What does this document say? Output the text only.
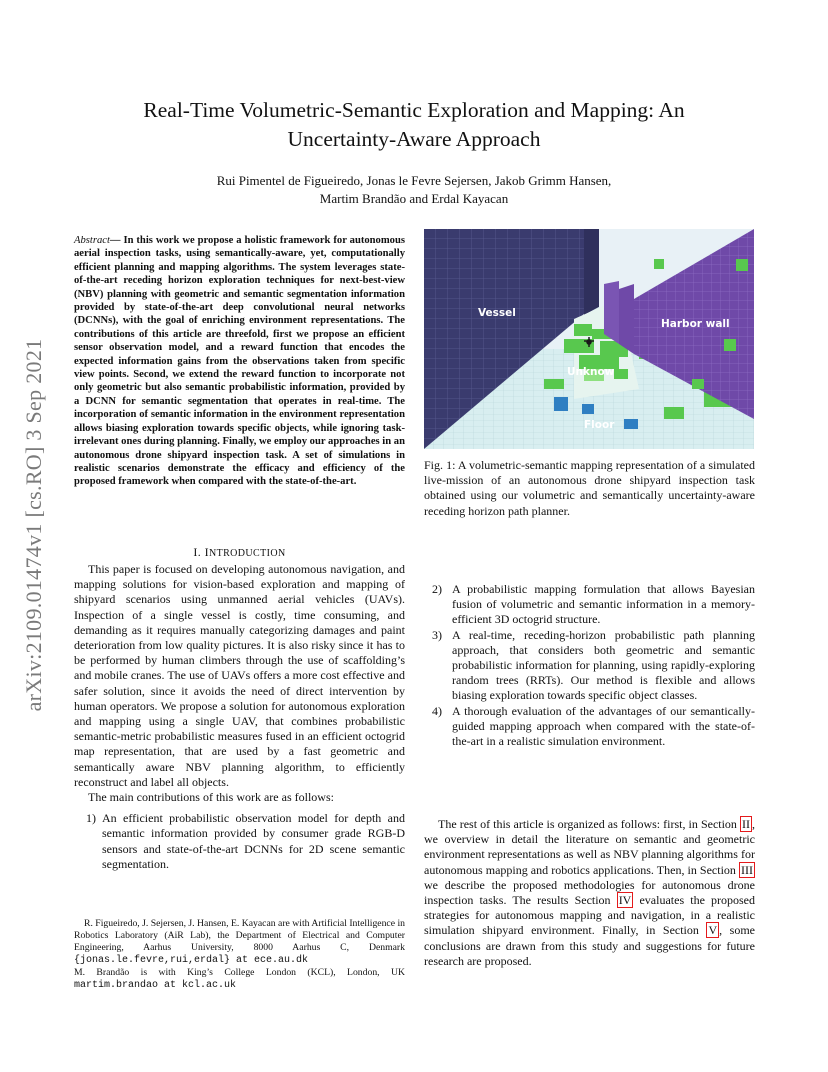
arXiv:2109.01474v1 [cs.RO] 3 Sep 2021
Real-Time Volumetric-Semantic Exploration and Mapping: An
Uncertainty-Aware Approach
Rui Pimentel de Figueiredo, Jonas le Fevre Sejersen, Jakob Grimm Hansen,
Martim Brandão and Erdal Kayacan
Abstract— In this work we propose a holistic framework for autonomous aerial inspection tasks, using semantically-aware, yet, computationally efficient planning and mapping algorithms. The system leverages state-of-the-art receding horizon exploration techniques for next-best-view (NBV) planning with geometric and semantic segmentation information provided by state-of-the-art deep convolutional neural networks (DCNNs), with the goal of enriching environment representations. The contributions of this article are threefold, first we propose an efficient sensor observation model, and a reward function that encodes the expected information gains from the observations taken from specific view points. Second, we extend the reward function to incorporate not only geometric but also semantic probabilistic information, provided by a DCNN for semantic segmentation that operates in real-time. The incorporation of semantic information in the environment representation allows biasing exploration towards specific objects, while ignoring task-irrelevant ones during planning. Finally, we employ our approaches in an autonomous drone shipyard inspection task. A set of simulations in realistic scenarios demonstrate the efficacy and efficiency of the proposed framework when compared with the state-of-the-art.
I. INTRODUCTION

This paper is focused on developing autonomous navigation, and mapping solutions for vision-based exploration and mapping of shipyard scenarios using unmanned aerial vehicles (UAVs). Inspection of a single vessel is costly, time consuming, and demanding as it requires manually categorizing damages and paint deterioration from low quality pictures. It is also risky since it has to be performed by human climbers through the use of scaffolding’s and mobile cranes. The use of UAVs offers a more cost effective and safer solution, since it avoids the need of direct intervention by human operators. We propose a solution for autonomous exploration and mapping using a single UAV, that combines probabilistic semantic-metric probabilistic measures fused in an efficient octogrid map representation, that are used by a fast geometric and semantically aware NBV planning algorithm, to efficiently reconstruct and label all objects.

The main contributions of this work are as follows:

1) An efficient probabilistic observation model for depth and semantic information provided by consumer grade RGB-D sensors and state-of-the-art DCNNs for 2D scene semantic segmentation.

R. Figueiredo, J. Sejersen, J. Hansen, E. Kayacan are with Artificial Intelligence in Robotics Laboratory (AiR Lab), the Department of Electrical and Computer Engineering, Aarhus University, 8000 Aarhus C, Denmark {jonas.le.fevre,rui,erdal} at ece.au.dk

M. Brandão is with King’s College London (KCL), London, UK martim.brandao at kcl.ac.uk

Vessel
Harbor wall
Unknow
Floor
Fig. 1: A volumetric-semantic mapping representation of a simulated live-mission of an autonomous drone shipyard inspection task obtained using our volumetric and semantically uncertainty-aware receding horizon path planner.
2) A probabilistic mapping formulation that allows Bayesian fusion of volumetric and semantic information in a memory-efficient 3D octogrid structure.
3) A real-time, receding-horizon probabilistic path planning approach, that considers both geometric and semantic probabilistic information for planning, using rapidly-exploring random trees (RRTs). Our method is flexible and allows biasing exploration towards specific object classes.
4) A thorough evaluation of the advantages of our semantically-guided mapping approach when compared with the state-of-the-art in a realistic simulation environment.

The rest of this article is organized as follows: first, in Section II , we overview in detail the literature on semantic and geometric environment representations as well as NBV planning algorithms for autonomous mapping and robotics applications. Then, in Section III we describe the proposed methodologies for autonomous drone inspection tasks. The results Section IV evaluates the proposed strategies for autonomous mapping and navigation, in a realistic simulation shipyard environment. Finally, in Section V , some conclusions are drawn from this study and suggestions for future research are proposed.
